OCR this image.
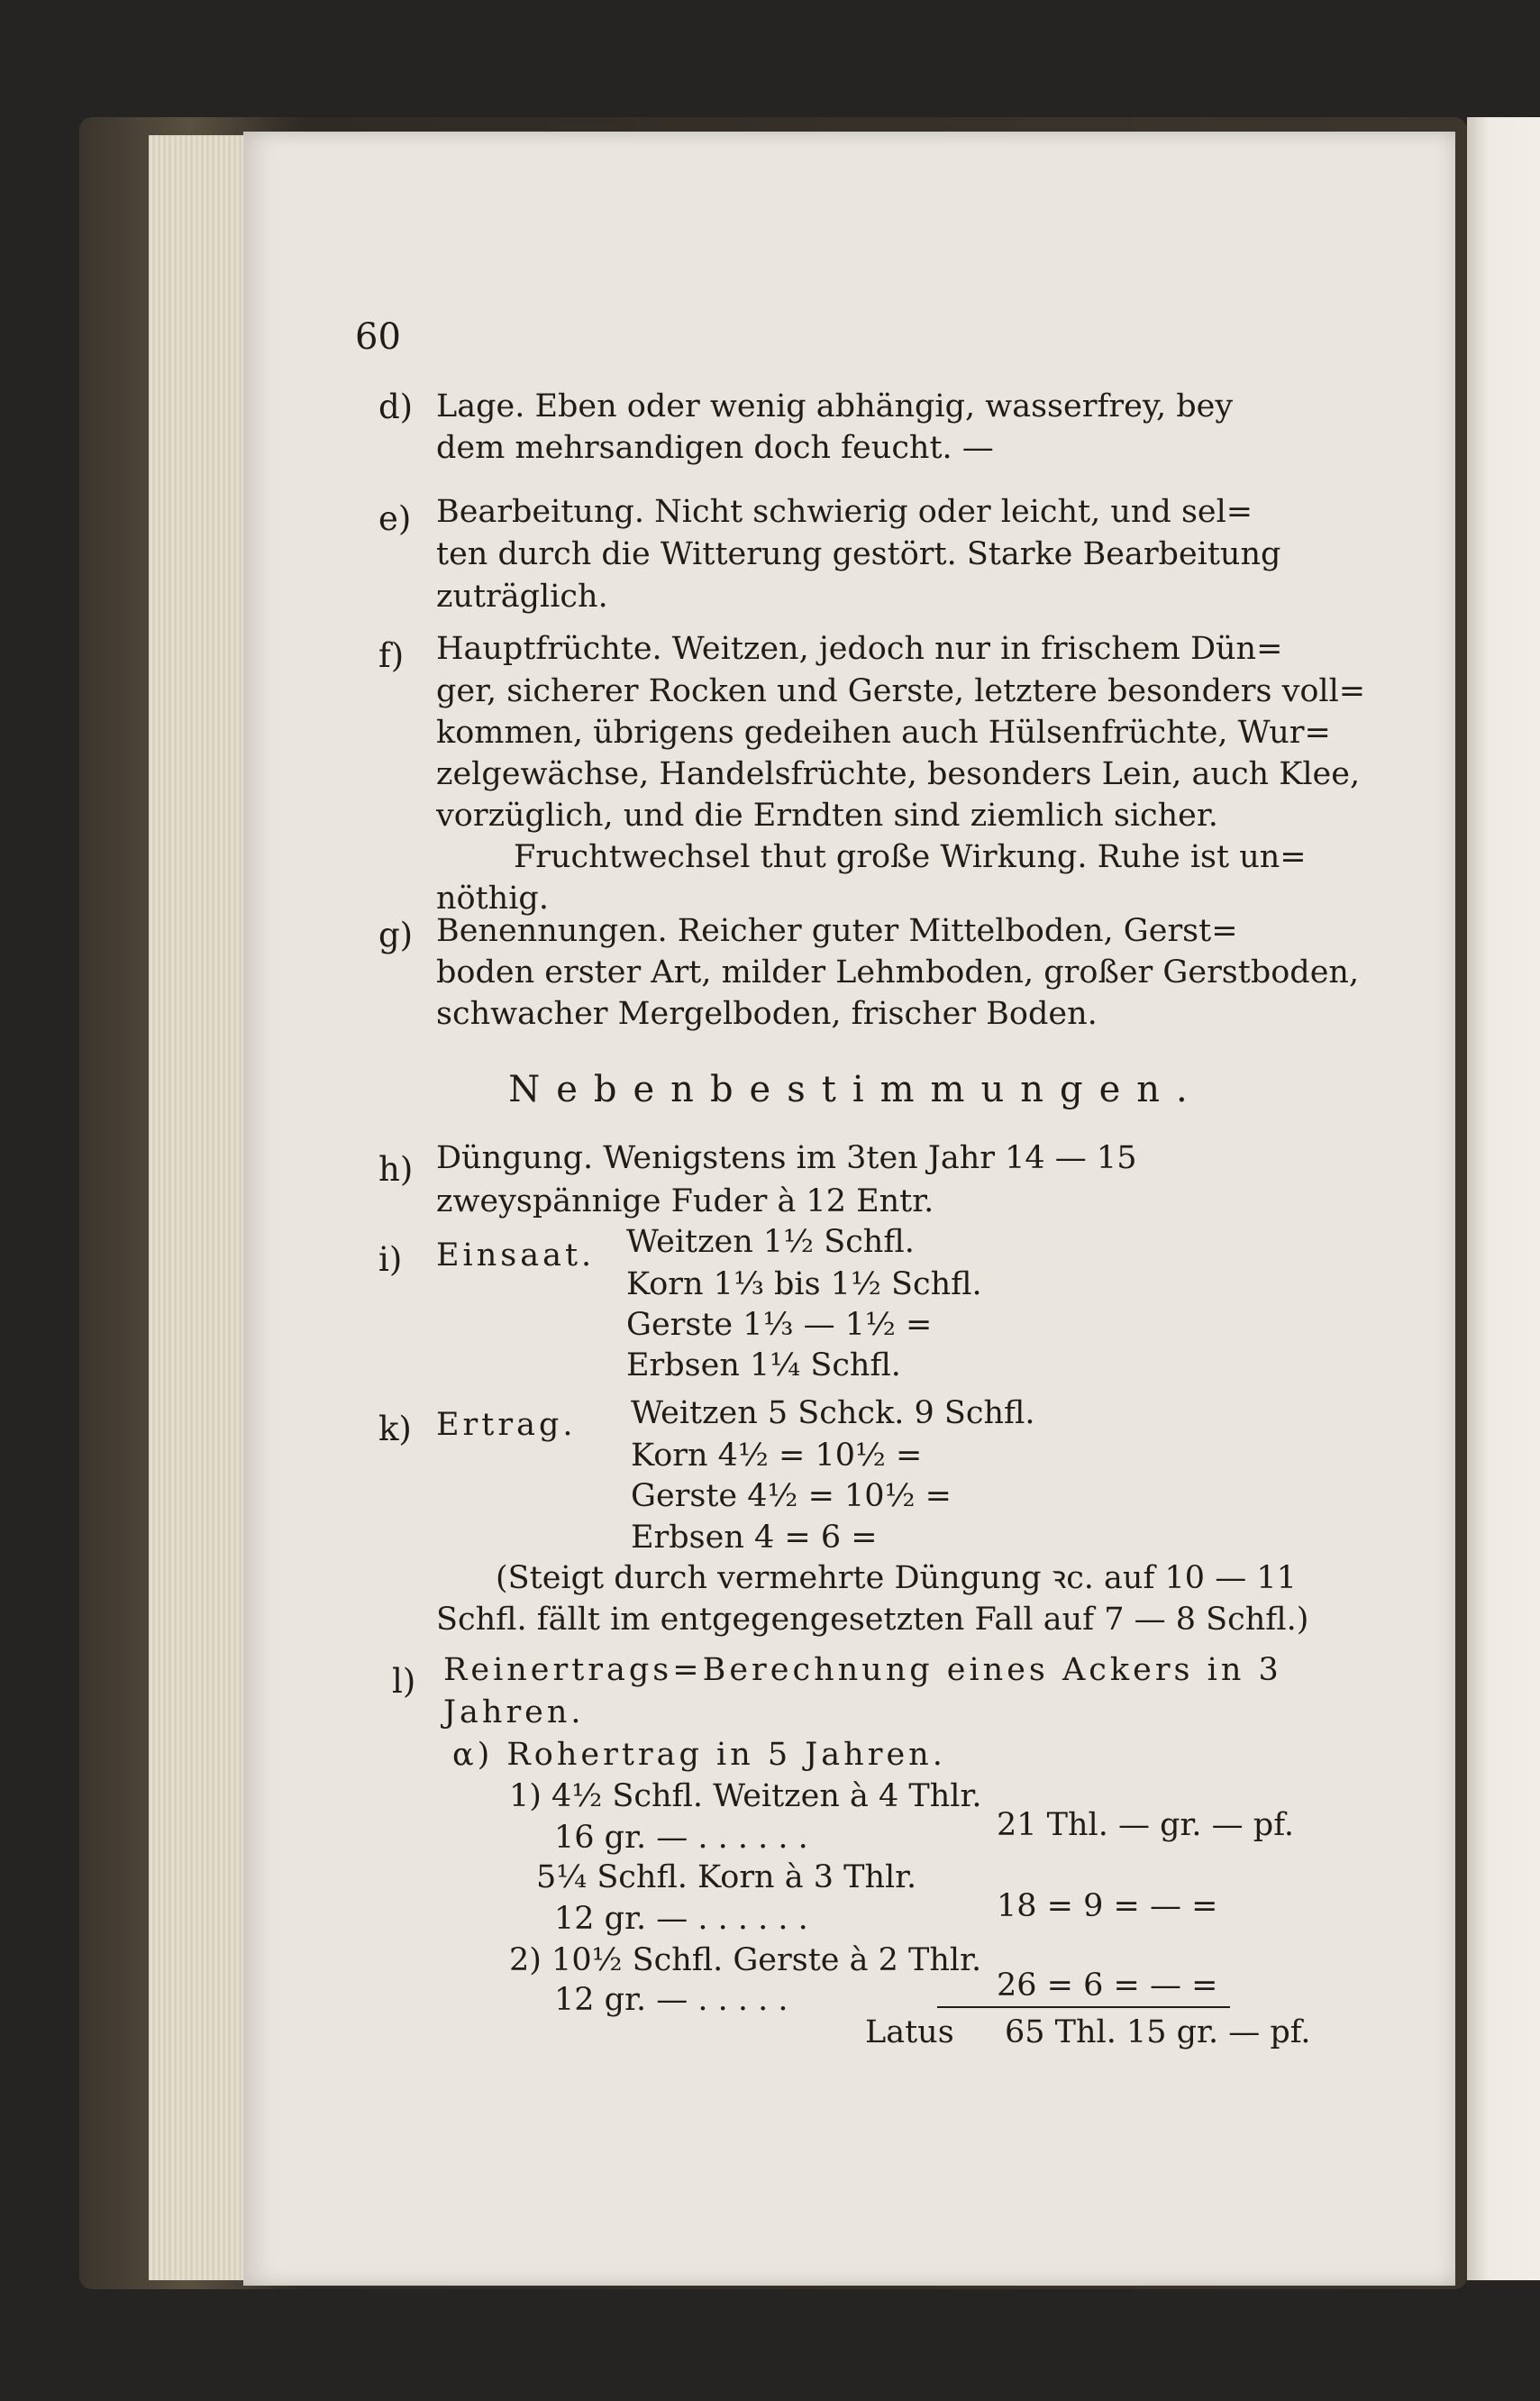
60
d) Lage. Eben oder wenig abhängig, wasserfrey, bey
dem mehrsandigen doch feucht. —
e) Bearbeitung. Nicht schwierig oder leicht, und sel=
ten durch die Witterung gestört. Starke Bearbeitung
zuträglich.
f) Hauptfrüchte. Weitzen, jedoch nur in frischem Dün=
ger, sicherer Rocken und Gerste, letztere besonders voll=
kommen, übrigens gedeihen auch Hülsenfrüchte, Wur=
zelgewächse, Handelsfrüchte, besonders Lein, auch Klee,
vorzüglich, und die Erndten sind ziemlich sicher.
Fruchtwechsel thut große Wirkung. Ruhe ist un=
nöthig.
g) Benennungen. Reicher guter Mittelboden, Gerst=
boden erster Art, milder Lehmboden, großer Gerstboden,
schwacher Mergelboden, frischer Boden.
Nebenbestimmungen.
h) Düngung. Wenigstens im 3ten Jahr 14 — 15
zweyspännige Fuder à 12 Entr.
i) Einsaat. Weitzen 1½ Schfl.
Korn 1⅓ bis 1½ Schfl.
Gerste 1⅓ — 1½ =
Erbsen 1¼ Schfl.
k) Ertrag. Weitzen 5 Schck. 9 Schfl.
Korn 4½ = 10½ =
Gerste 4½ = 10½ =
Erbsen 4 = 6 =
(Steigt durch vermehrte Düngung ꝛc. auf 10 — 11
Schfl. fällt im entgegengesetzten Fall auf 7 — 8 Schfl.)
l) Reinertrags=Berechnung eines Ackers in 3
Jahren.
α) Rohertrag in 5 Jahren.
1) 4½ Schfl. Weitzen à 4 Thlr.
16 gr. — . . . . . .
5¼ Schfl. Korn à 3 Thlr.
12 gr. — . . . . . .
2) 10½ Schfl. Gerste à 2 Thlr.
12 gr. — . . . . .
21 Thl. — gr. — pf.
18 = 9 = — =
26 = 6 = — =
Latus 65 Thl. 15 gr. — pf.
